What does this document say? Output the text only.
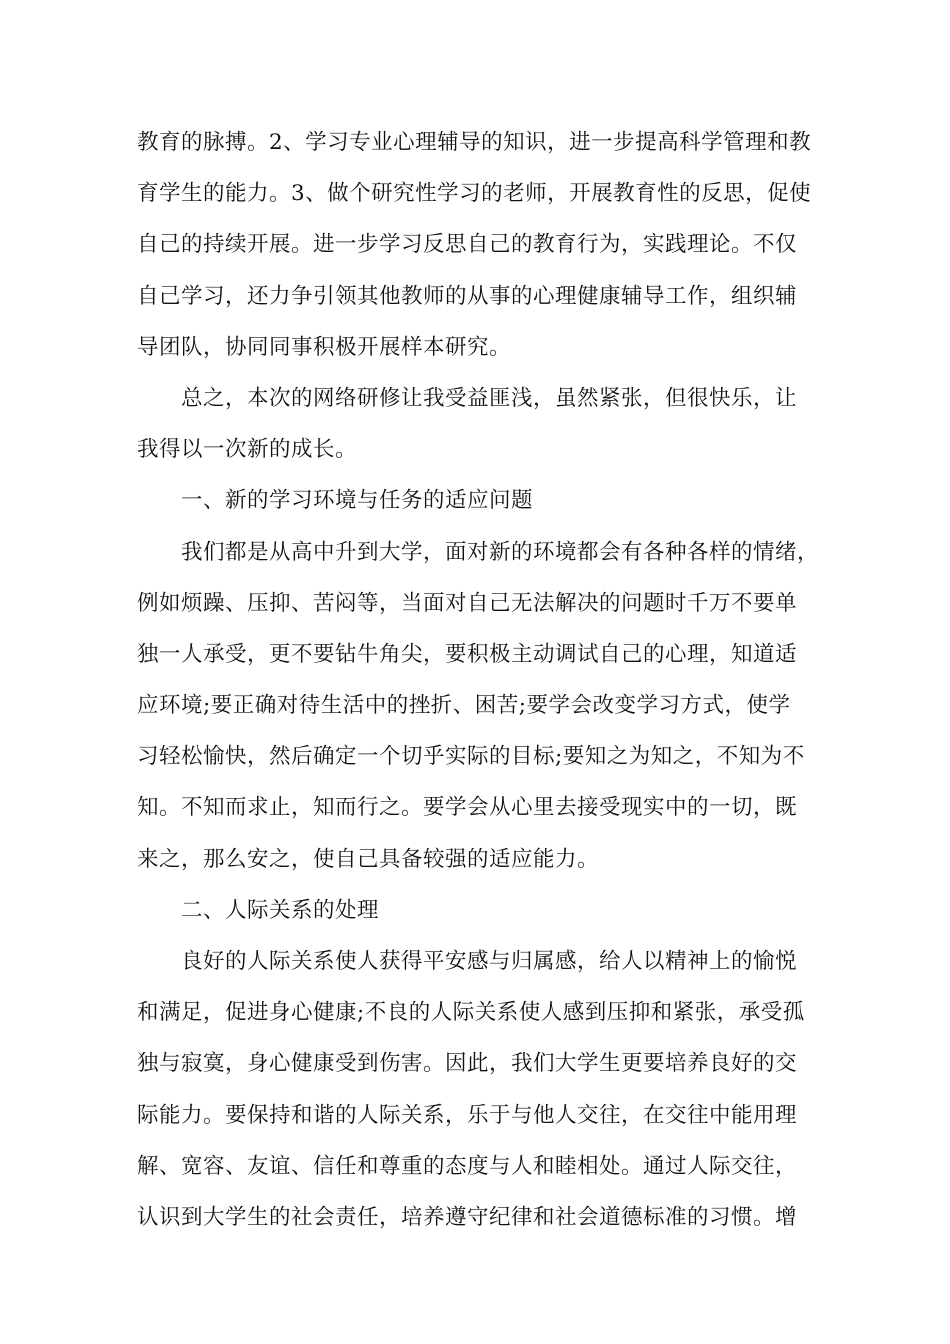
教育的脉搏。2、学习专业心理辅导的知识，进一步提高科学管理和教
育学生的能力。3、做个研究性学习的老师，开展教育性的反思，促使
自己的持续开展。进一步学习反思自己的教育行为，实践理论。不仅
自己学习，还力争引领其他教师的从事的心理健康辅导工作，组织辅
导团队，协同同事积极开展样本研究。
总之，本次的网络研修让我受益匪浅，虽然紧张，但很快乐，让
我得以一次新的成长。
一、新的学习环境与任务的适应问题
我们都是从高中升到大学，面对新的环境都会有各种各样的情绪，
例如烦躁、压抑、苦闷等，当面对自己无法解决的问题时千万不要单
独一人承受，更不要钻牛角尖，要积极主动调试自己的心理，知道适
应环境;要正确对待生活中的挫折、困苦;要学会改变学习方式，使学
习轻松愉快，然后确定一个切乎实际的目标;要知之为知之，不知为不
知。不知而求止，知而行之。要学会从心里去接受现实中的一切，既
来之，那么安之，使自己具备较强的适应能力。
二、人际关系的处理
良好的人际关系使人获得平安感与归属感，给人以精神上的愉悦
和满足，促进身心健康;不良的人际关系使人感到压抑和紧张，承受孤
独与寂寞，身心健康受到伤害。因此，我们大学生更要培养良好的交
际能力。要保持和谐的人际关系，乐于与他人交往，在交往中能用理
解、宽容、友谊、信任和尊重的态度与人和睦相处。通过人际交往，
认识到大学生的社会责任，培养遵守纪律和社会道德标准的习惯。增
